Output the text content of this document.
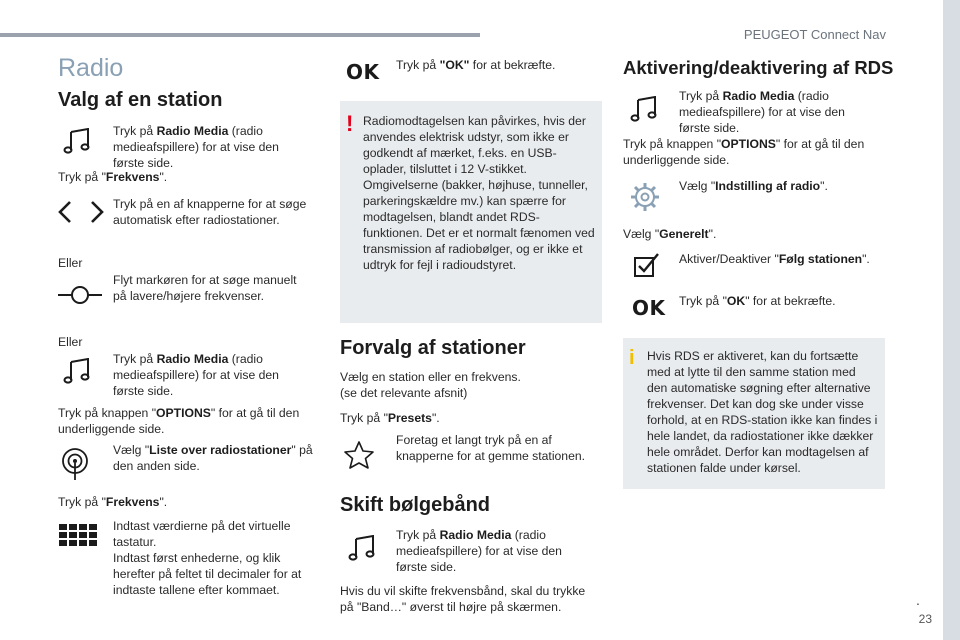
PEUGEOT Connect Nav
.
23
Radio
Valg af en station
Tryk på Radio Media (radio medieafspillere) for at vise den første side.
Tryk på "Frekvens".
Tryk på en af knapperne for at søge automatisk efter radiostationer.
Eller
Flyt markøren for at søge manuelt på lavere/højere frekvenser.
Eller
Tryk på Radio Media (radio medieafspillere) for at vise den første side.
Tryk på knappen "OPTIONS" for at gå til den underliggende side.
Vælg "Liste over radiostationer" på den anden side.
Tryk på "Frekvens".
Indtast værdierne på det virtuelle tastatur.
Indtast først enhederne, og klik herefter på feltet til decimaler for at indtaste tallene efter kommaet.
OK Tryk på "OK" for at bekræfte.
! Radiomodtagelsen kan påvirkes, hvis der anvendes elektrisk udstyr, som ikke er godkendt af mærket, f.eks. en USB-oplader, tilsluttet i 12 V-stikket. Omgivelserne (bakker, højhuse, tunneller, parkeringskældre mv.) kan spærre for modtagelsen, blandt andet RDS-funktionen. Det er et normalt fænomen ved transmission af radiobølger, og er ikke et udtryk for fejl i radioudstyret.
Forvalg af stationer
Vælg en station eller en frekvens.
(se det relevante afsnit)
Tryk på "Presets".
Foretag et langt tryk på en af knapperne for at gemme stationen.
Skift bølgebånd
Tryk på Radio Media (radio medieafspillere) for at vise den første side.
Hvis du vil skifte frekvensbånd, skal du trykke på "Band…" øverst til højre på skærmen.
Aktivering/deaktivering af RDS
Tryk på Radio Media (radio medieafspillere) for at vise den første side.
Tryk på knappen "OPTIONS" for at gå til den underliggende side.
Vælg "Indstilling af radio".
Vælg "Generelt".
Aktiver/Deaktiver "Følg stationen".
OK Tryk på "OK" for at bekræfte.
i Hvis RDS er aktiveret, kan du fortsætte med at lytte til den samme station med den automatiske søgning efter alternative frekvenser. Det kan dog ske under visse forhold, at en RDS-station ikke kan findes i hele landet, da radiostationer ikke dækker hele området. Derfor kan modtagelsen af stationen falde under kørsel.
